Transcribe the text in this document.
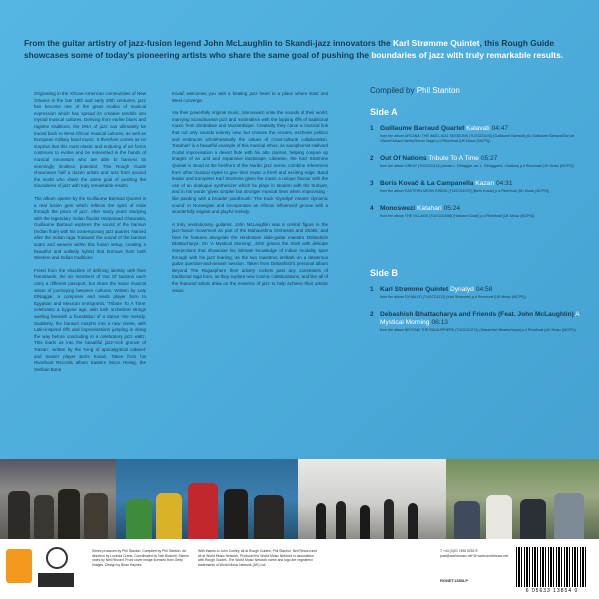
From the guitar artistry of jazz-fusion legend John McLaughlin to Skandi-jazz innovators the Karl Strømme Quintet, this Rough Guide showcases some of today's pioneering artists who share the same goal of pushing the boundaries of jazz with truly remarkable results.

Originating in the African-American communities of New Orleans in the late 19th and early 20th centuries, jazz has become one of the great modes of musical expression which has spread its creative tendrils into myriad musical cultures. Deriving from earlier blues and ragtime traditions, the DNA of jazz can ultimately be traced back to West African musical cultures, as well as European military band music. It therefore comes as no surprise that this most elastic and enduring of art forms continues to evolve and be reinvented in the hands of musical innovators who are able to harness its seemingly limitless potential. This Rough Guide showcases half a dozen artists and acts from around the world who share the same goal of pushing the boundaries of jazz with truly remarkable results.

The album opener by the Guillaume Barraud Quartet is a real fusion gem which reflects the spirit of India through the prism of jazz. After many years studying with the legendary Indian flautist Hariprasad Chaurasia, Guillaume Barraud explores the sound of the bansuri (Indian flute) with his contemporary jazz quartet. Named after the Indian raga 'Kalavati' the sound of the bansuri soars and weaves within this fusion setup, creating a beautiful and unlikely hybrid that borrows from both Western and Indian traditions.

Freed from the shackles of defining identity with their homelands, the six members of Out Of Nations each carry a different passport, but share the same musical vision of journeying between cultures. Written by Lety ElNaggar, a composer and reeds player born to Egyptian and Mexican immigrants, 'Tribute To A Time' celebrates a bygone age, with lush orchestral strings swirling beneath a foundation of a dance rise melody. Suddenly, the bansuri morphs into a new scene, with Latin-inspired riffs and improvisations jumping in along the way before concluding in a celebratory jazz waltz. This leads us into the beautiful jazz-rock groove of 'Kazan', written by the 'King of apocalyptical cabaret' and master player Boris Kovač. Taken from his Riverboat Records album Eastern Moon Rising, the Serbian Boris

Kovač welcomes you with a beating jazz heart to a place where East and West converge.

Via their powerfully original music, Monoswezi unite the sounds of their world, marrying Scandinavian jazz and minimalism with the lopping riffs of traditional music from Zimbabwe and Mozambique. Creativity they carve a musical link that not only sounds entirely new, but crosses the oceans, eschews politics and embraces wholeheartedly the values of cross-cultural collaboration. 'Katahari' is a beautiful example of this musical ethos, as saxophonist Hallvard Godal improvisation a desert flute with his alto clarinet, helping conjure up images of an arid and expansive landscape. Likewise, the Karl Strømme Quintet is stood at the forefront of the Nordic jazz scene, combine references from other musical styles to give their music a fresh and exciting edge. Band leader and trumpeter Karl Strømme gives the music a unique flavour with the use of an analogue synthesizer which he plays in tandem with the trumpet, and in his words 'gives simpler but stronger musical lines when improvising - like painting with a broader paintbrush.' The track 'Dynalyd' means 'dynamic sound' in Norwegian and incorporates an African influenced groove with a wonderfully original and playful melody.

A truly revolutionary guitarist, John McLaughlin was a central figure in the jazz-fusion movement as part of the Mahavishnu Orchestra and Shakti, and here he features alongside the Hindustani slide-guitar maestro Debashish Bhattacharya. On 'A Mystical Morning', John graces the track with delicate interjections that showcase his intimate knowledge of Indian modality spun through with his jazz leaning, as the two maestros embark on a dexterous guitar question-and-answer session. Taken from Debashish's personal album Beyond The Ragasphere their artistry rockets past any constraints of traditional raga form, as they explore new cosmic collaborations, and like all of the featured artists draw on the essence of jazz to help achieve their artistic vision.

Compiled by Phil Stanton
Side A
1 Guillaume Barraud Quartet Kalavati 04:47
from the album ARCANA: THE INDO-JAZZ SESSIONS (TUGCD1103) (Guillaume Barraud) p/c Guillaume Barraud/Son de Vilaine/Johann Berby/Simon Nagel p.d Riverboat (UK Music (MCPS))
2 Out Of Nations Tribute To A Time 05:27
from the album GREAT (TUGCD1114) (music L. ElNaggar, arr. L. ElNaggar/A. Chalkoo) p.d Riverboat (UK Music (MCPS))
3 Boris Kovač & La Campanella Kazan 04:31
from the album EASTERN MOON RISING (TUGCD1070) (Boris Kovač) p.d Riverboat (UK Music (MCPS))
4 Monoswezi Katahari 05:24
from the album THE VILLAGE (TUGCD1088) (Hallvard Godal) p.d Riverboat (UK Music (MCPS))
Side B
1 Karl Strømme Quintet Dynalyd 04:58
from the album DYNALYD (TUGCD1112) (Karl Strømme) p.d Riverboat (UK Music (MCPS))
2 Debashish Bhattacharya and Friends (Feat. John McLaughlin) A Mystical Morning 06:13
from the album BEYOND THE RAGASPHERE (TUGCD1074) (Debashish Bhattacharya) p.d Riverboat (UK Music (MCPS))
Series produced by Phil Stanton. Compiled by Phil Stanton. Art direction by Lucinda Crane. Coordinated by Neil Bicknell. Sleeve notes by Neil Record. Front cover image licensed from Getty Images. Design by Brian Haynes.
With thanks to John Conley, all at Rough Guides, Phil Stanton, Neil Record and all at World Music Network. Produced for World Music Network in association with Rough Guides. The World Music Network name and logo are registered trademarks of World Music Network (UK) Ltd.
T +44 (0)20 7498 5252 E post@worldmusic.net W www.worldmusic.net
RGNET1385LP
6 05633 13854 0
